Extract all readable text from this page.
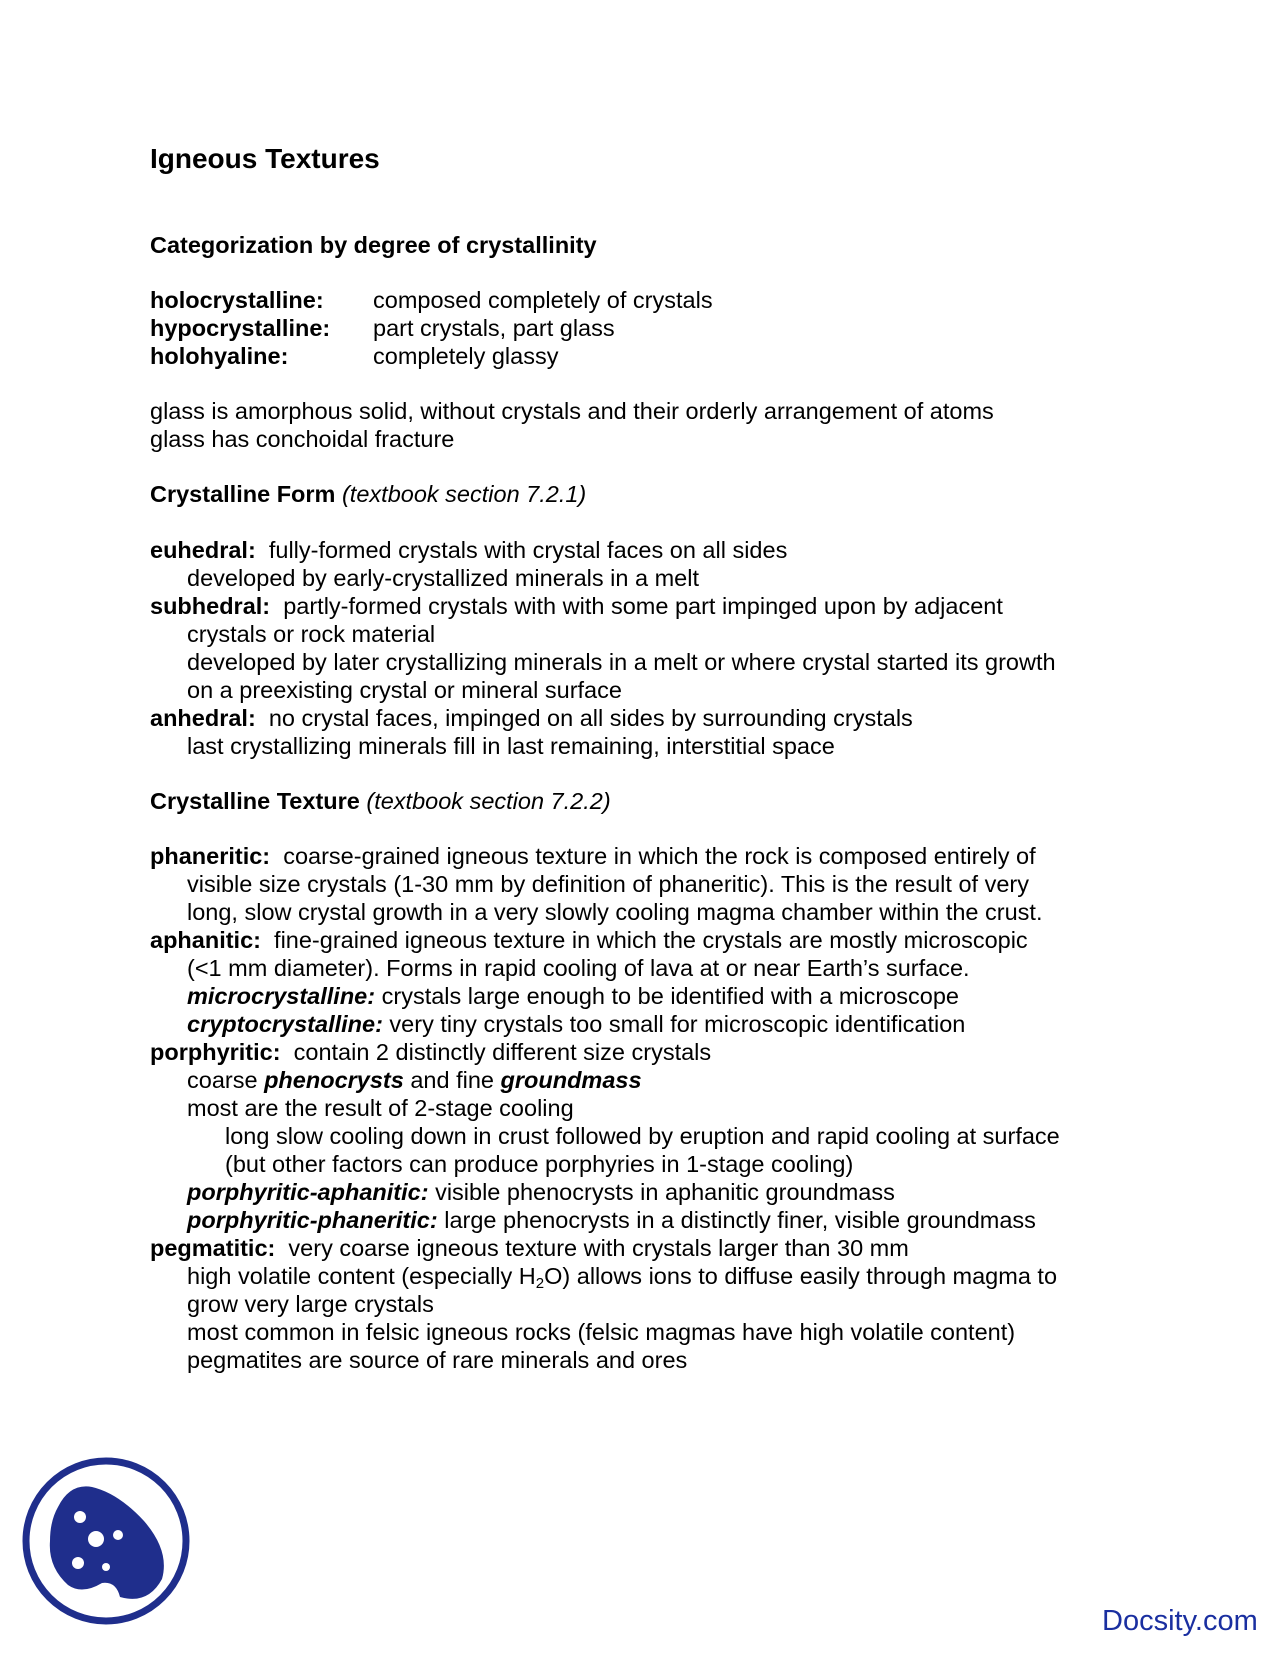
Igneous Textures
Categorization by degree of crystallinity
holocrystalline: composed completely of crystals
hypocrystalline: part crystals, part glass
holohyaline:	completely glassy
glass is amorphous solid, without crystals and their orderly arrangement of atoms
glass has conchoidal fracture
Crystalline Form (textbook section 7.2.1)
euhedral: fully-formed crystals with crystal faces on all sides
developed by early-crystallized minerals in a melt
subhedral: partly-formed crystals with with some part impinged upon by adjacent
crystals or rock material
developed by later crystallizing minerals in a melt or where crystal started its growth
on a preexisting crystal or mineral surface
anhedral: no crystal faces, impinged on all sides by surrounding crystals
last crystallizing minerals fill in last remaining, interstitial space
Crystalline Texture (textbook section 7.2.2)
phaneritic: coarse-grained igneous texture in which the rock is composed entirely of
visible size crystals (1-30 mm by definition of phaneritic). This is the result of very
long, slow crystal growth in a very slowly cooling magma chamber within the crust.
aphanitic: fine-grained igneous texture in which the crystals are mostly microscopic
(<1 mm diameter). Forms in rapid cooling of lava at or near Earth’s surface.
microcrystalline: crystals large enough to be identified with a microscope
cryptocrystalline: very tiny crystals too small for microscopic identification
porphyritic: contain 2 distinctly different size crystals
coarse phenocrysts and fine groundmass
most are the result of 2-stage cooling
long slow cooling down in crust followed by eruption and rapid cooling at surface
(but other factors can produce porphyries in 1-stage cooling)
porphyritic-aphanitic: visible phenocrysts in aphanitic groundmass
porphyritic-phaneritic: large phenocrysts in a distinctly finer, visible groundmass
pegmatitic: very coarse igneous texture with crystals larger than 30 mm
high volatile content (especially $H_2O$) allows ions to diffuse easily through magma to
grow very large crystals
most common in felsic igneous rocks (felsic magmas have high volatile content)
pegmatites are source of rare minerals and ores
Docsity.com
